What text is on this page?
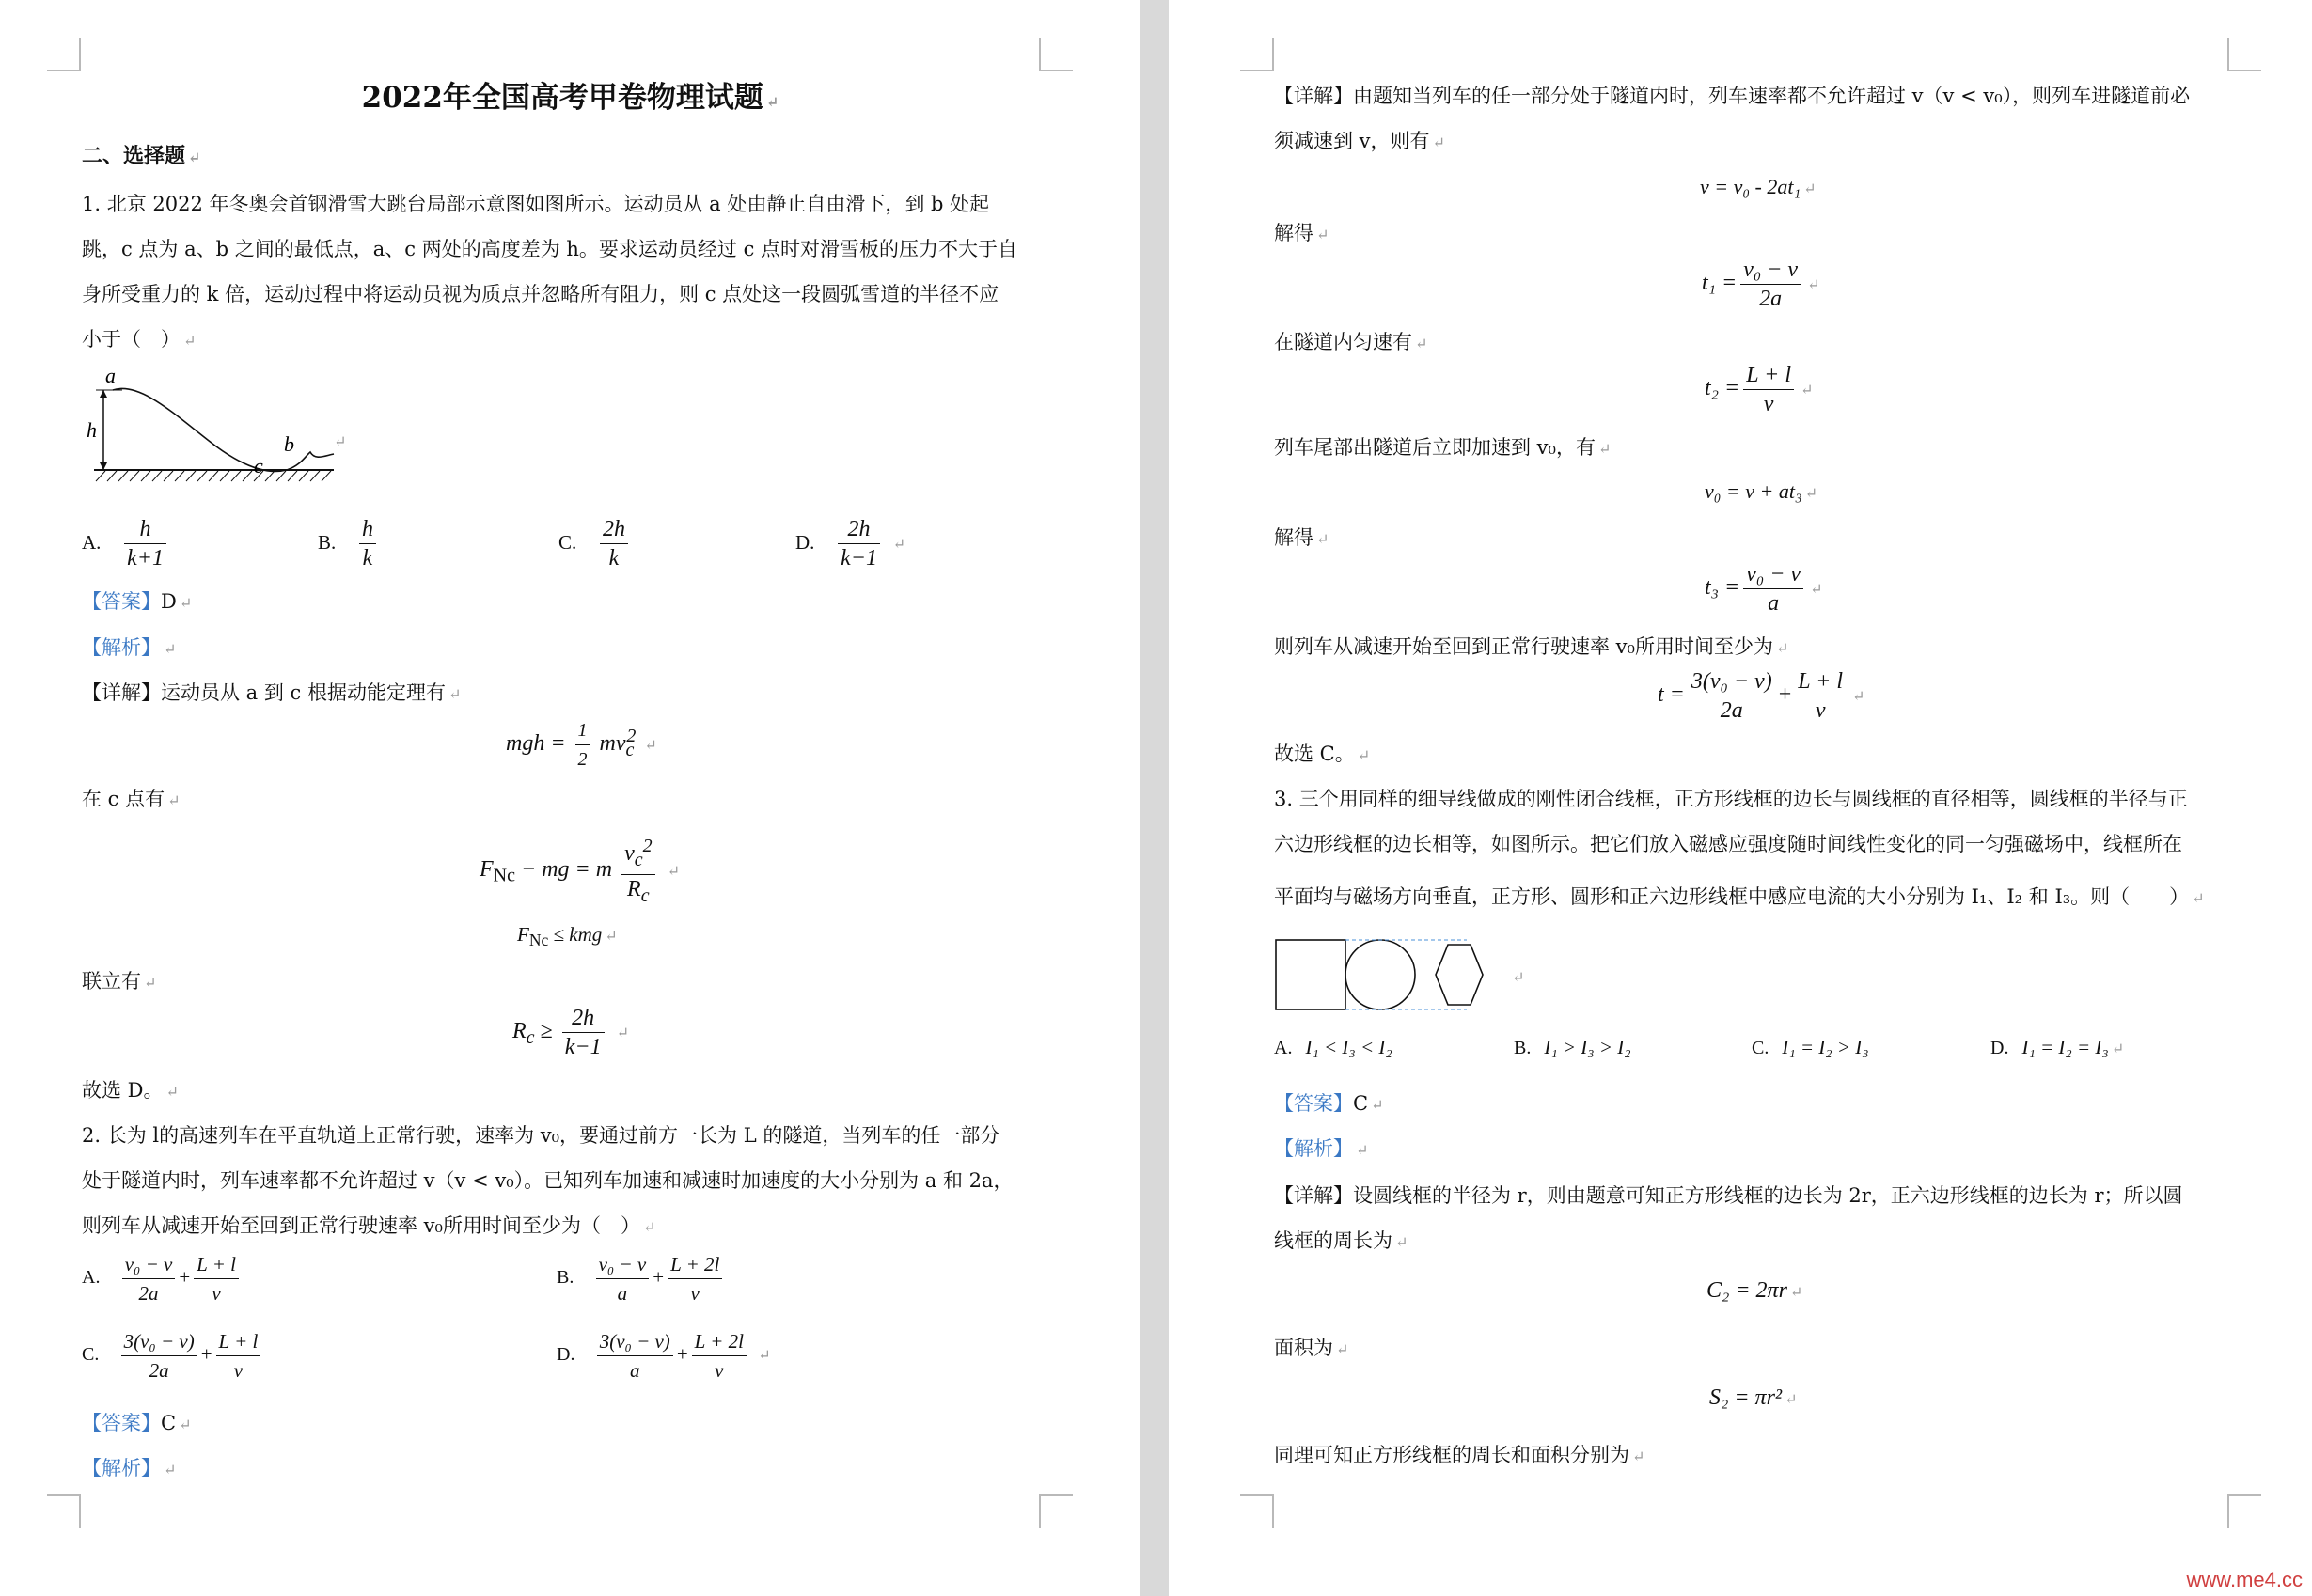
2022年全国高考甲卷物理试题 ↵
二、选择题 ↵
1. 北京 2022 年冬奥会首钢滑雪大跳台局部示意图如图所示。运动员从 a 处由静止自由滑下，到 b 处起
跳，c 点为 a、b 之间的最低点，a、c 两处的高度差为 h。要求运动员经过 c 点时对滑雪板的压力不大于自
身所受重力的 k 倍，运动过程中将运动员视为质点并忽略所有阻力，则 c 点处这一段圆弧雪道的半径不应
小于（　） ↵
a
h
b
c
↵
A. $\frac{h}{k+1}$	B. $\frac{h}{k}$	C. $\frac{2h}{k}$	D. $\frac{2h}{k-1}$ ↵
【答案】D ↵
【解析】 ↵
【详解】运动员从 a 到 c 根据动能定理有 ↵
mgh = $\frac{1}{2} mv_c^2$ ↵
在 c 点有 ↵
$F_{Nc}$ − mg = m $\frac{v_c^2}{R_c}$ ↵
$F_{Nc}$ ≤ kmg ↵
联立有 ↵
$R_c \ge \frac{2h}{k-1}$ ↵
故选 D。 ↵
2. 长为 l的高速列车在平直轨道上正常行驶，速率为 v₀，要通过前方一长为 L 的隧道，当列车的任一部分
处于隧道内时，列车速率都不允许超过 v（v < v₀）。已知列车加速和减速时加速度的大小分别为 a 和 2a，
则列车从减速开始至回到正常行驶速率 v₀所用时间至少为（　） ↵
A. $\frac{\text{v₀ − v}}{2a} + \frac{L + l}{v}$	B. $\frac{\text{v₀ − v}}{a} + \frac{L + 2l}{v}$
C. $\frac{\text{3(v₀ − v)}}{2a} + \frac{L + l}{v}$	D. $\frac{\text{3(v₀ − v)}}{a} + \frac{L + 2l}{v}$ ↵
【答案】C ↵
【解析】 ↵
【详解】由题知当列车的任一部分处于隧道内时，列车速率都不允许超过 v（v < v₀），则列车进隧道前必
须减速到 v，则有 ↵
v = v₀ - 2at₁ ↵
解得 ↵
$t_1 = \frac{\text{v₀ − v}}{2a}$ ↵
在隧道内匀速有 ↵
$t_2 = \frac{L + l}{v}$ ↵
列车尾部出隧道后立即加速到 v₀，有 ↵
v₀ = v + at₃ ↵
解得 ↵
$t_3 = \frac{\text{v₀ − v}}{a}$ ↵
则列车从减速开始至回到正常行驶速率 v₀所用时间至少为 ↵
$t = \frac{\text{3(v₀ − v)}}{2a} + \frac{L + l}{v}$ ↵
故选 C。 ↵
3. 三个用同样的细导线做成的刚性闭合线框，正方形线框的边长与圆线框的直径相等，圆线框的半径与正
六边形线框的边长相等，如图所示。把它们放入磁感应强度随时间线性变化的同一匀强磁场中，线框所在
平面均与磁场方向垂直，正方形、圆形和正六边形线框中感应电流的大小分别为 I₁、I₂ 和 I₃。则（　　） ↵
↵
A. I₁ < I₃ < I₂	B. I₁ > I₃ > I₂	C. I₁ = I₂ > I₃	D. I₁ = I₂ = I₃ ↵
【答案】C ↵
【解析】 ↵
【详解】设圆线框的半径为 r，则由题意可知正方形线框的边长为 2r，正六边形线框的边长为 r；所以圆
线框的周长为 ↵
C₂ = 2πr ↵
面积为 ↵
S₂ = πr² ↵
同理可知正方形线框的周长和面积分别为 ↵
www.me4.cc
